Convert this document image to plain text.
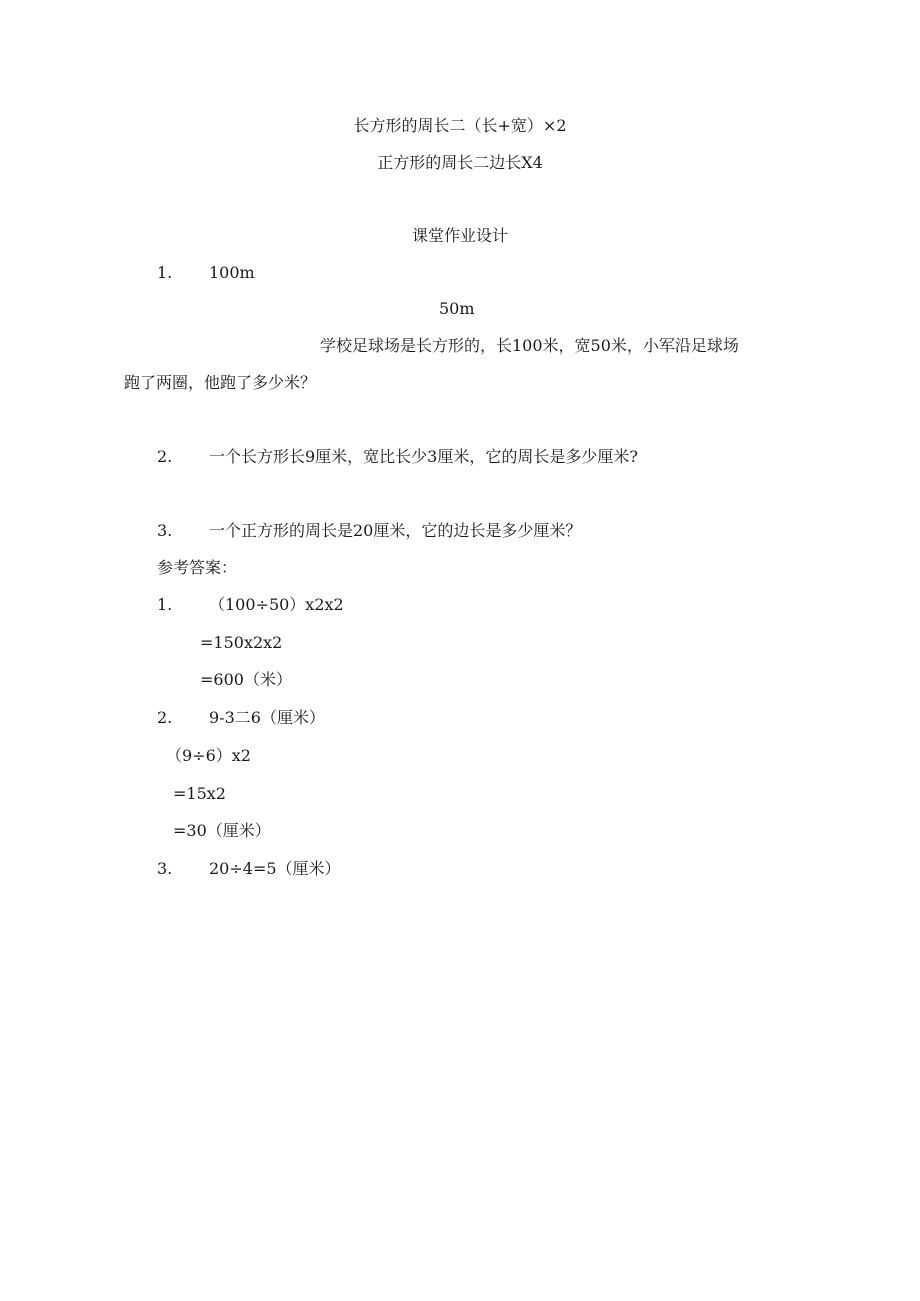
长方形的周长二（长+宽）×2
正方形的周长二边长X4
课堂作业设计
1. 100m
50m
学校足球场是长方形的，长100米，宽50米，小军沿足球场
跑了两圈，他跑了多少米？
2. 一个长方形长9厘米，宽比长少3厘米，它的周长是多少厘米?
3. 一个正方形的周长是20厘米，它的边长是多少厘米？
参考答案：
1. （100÷50）x2x2
=150x2x2
=600（米）
2. 9-3二6（厘米）
（9÷6）x2
=15x2
=30（厘米）
3. 20÷4=5（厘米）
